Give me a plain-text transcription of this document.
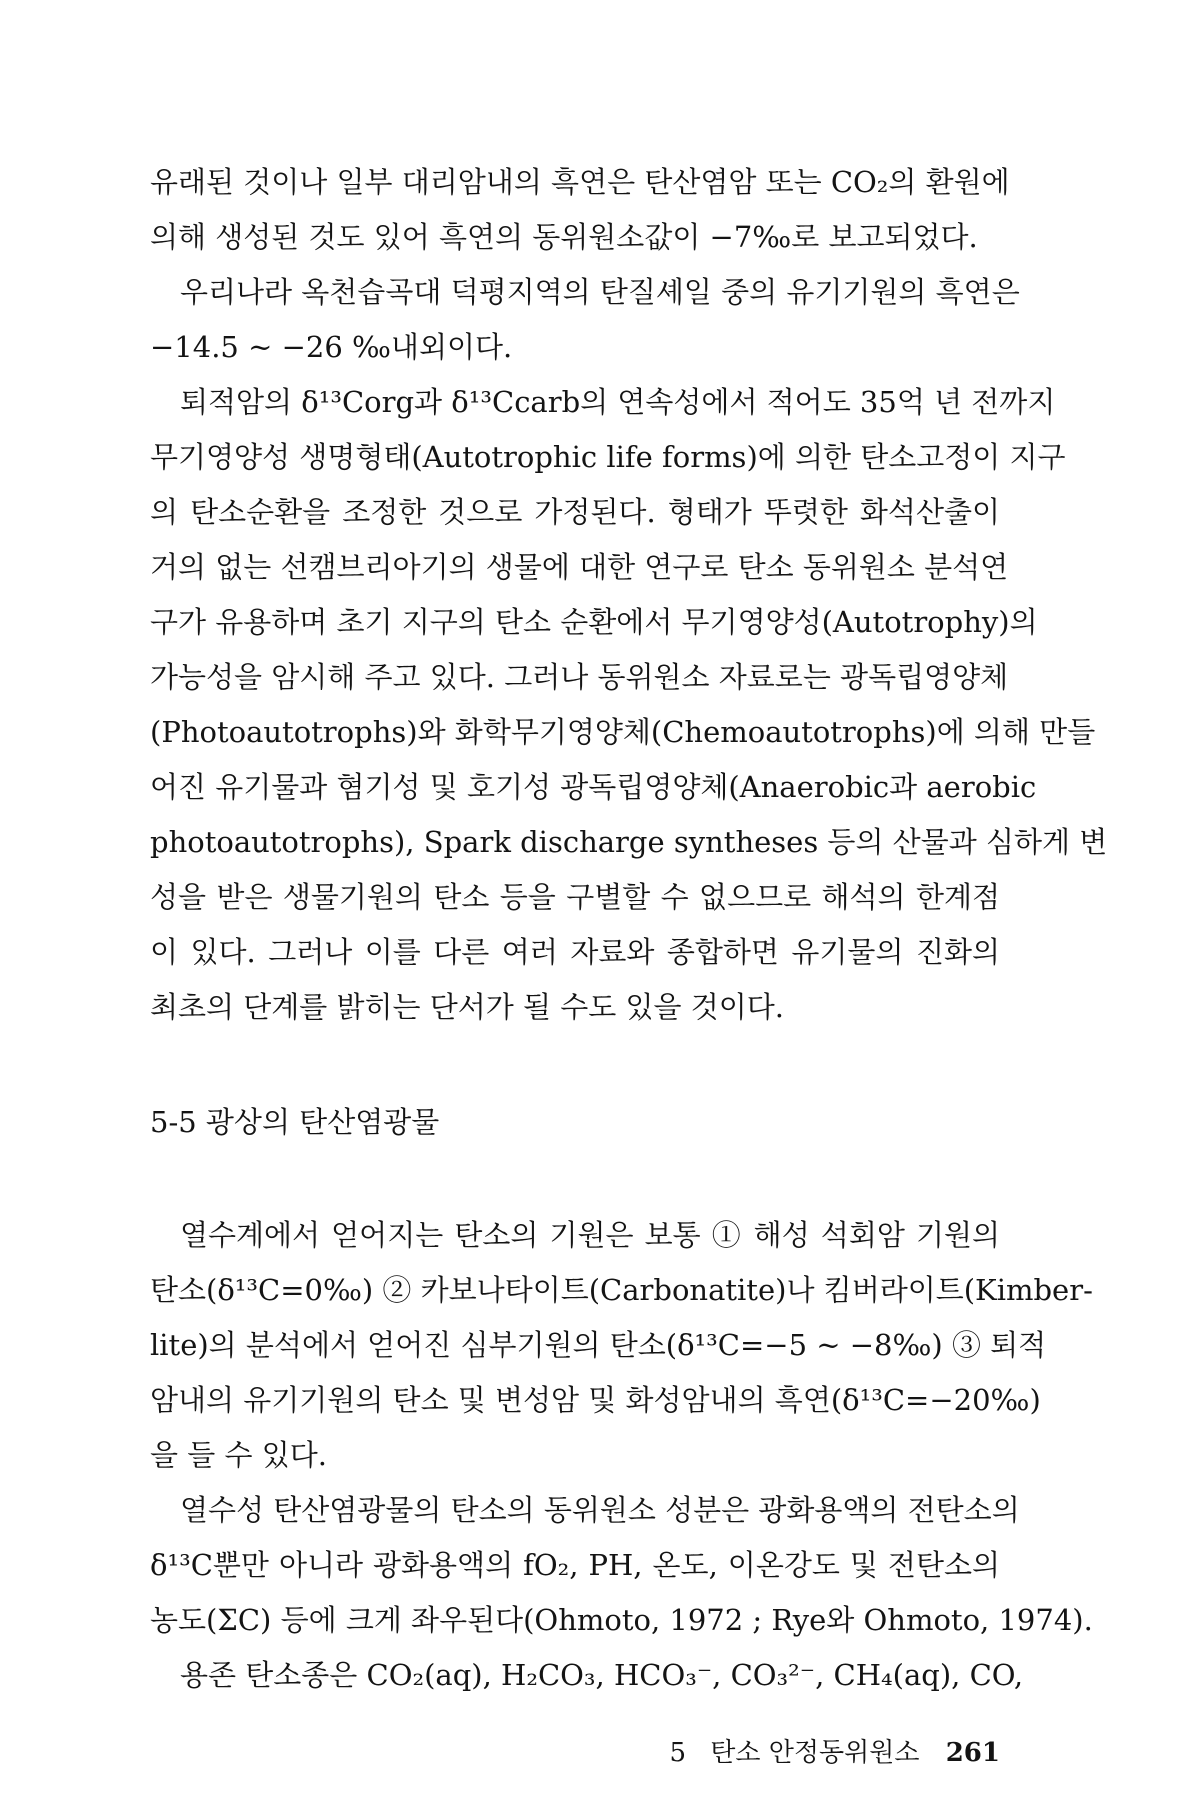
유래된 것이나 일부 대리암내의 흑연은 탄산염암 또는 CO₂의 환원에
의해 생성된 것도 있어 흑연의 동위원소값이 −7‰로 보고되었다.
우리나라 옥천습곡대 덕평지역의 탄질셰일 중의 유기기원의 흑연은
−14.5 ~ −26 ‰내외이다.
퇴적암의 δ¹³Corg과 δ¹³Ccarb의 연속성에서 적어도 35억 년 전까지
무기영양성 생명형태(Autotrophic life forms)에 의한 탄소고정이 지구
의 탄소순환을 조정한 것으로 가정된다. 형태가 뚜렷한 화석산출이
거의 없는 선캠브리아기의 생물에 대한 연구로 탄소 동위원소 분석연
구가 유용하며 초기 지구의 탄소 순환에서 무기영양성(Autotrophy)의
가능성을 암시해 주고 있다. 그러나 동위원소 자료로는 광독립영양체
(Photoautotrophs)와 화학무기영양체(Chemoautotrophs)에 의해 만들
어진 유기물과 혐기성 및 호기성 광독립영양체(Anaerobic과 aerobic
photoautotrophs), Spark discharge syntheses 등의 산물과 심하게 변
성을 받은 생물기원의 탄소 등을 구별할 수 없으므로 해석의 한계점
이 있다. 그러나 이를 다른 여러 자료와 종합하면 유기물의 진화의
최초의 단계를 밝히는 단서가 될 수도 있을 것이다.
5-5 광상의 탄산염광물
열수계에서 얻어지는 탄소의 기원은 보통 ① 해성 석회암 기원의
탄소(δ¹³C=0‰) ② 카보나타이트(Carbonatite)나 킴버라이트(Kimber-
lite)의 분석에서 얻어진 심부기원의 탄소(δ¹³C=−5 ~ −8‰) ③ 퇴적
암내의 유기기원의 탄소 및 변성암 및 화성암내의 흑연(δ¹³C=−20‰)
을 들 수 있다.
열수성 탄산염광물의 탄소의 동위원소 성분은 광화용액의 전탄소의
δ¹³C뿐만 아니라 광화용액의 fO₂, PH, 온도, 이온강도 및 전탄소의
농도(ΣC) 등에 크게 좌우된다(Ohmoto, 1972 ; Rye와 Ohmoto, 1974).
용존 탄소종은 CO₂(aq), H₂CO₃, HCO₃⁻, CO₃²⁻, CH₄(aq), CO,
5 탄소 안정동위원소 261
